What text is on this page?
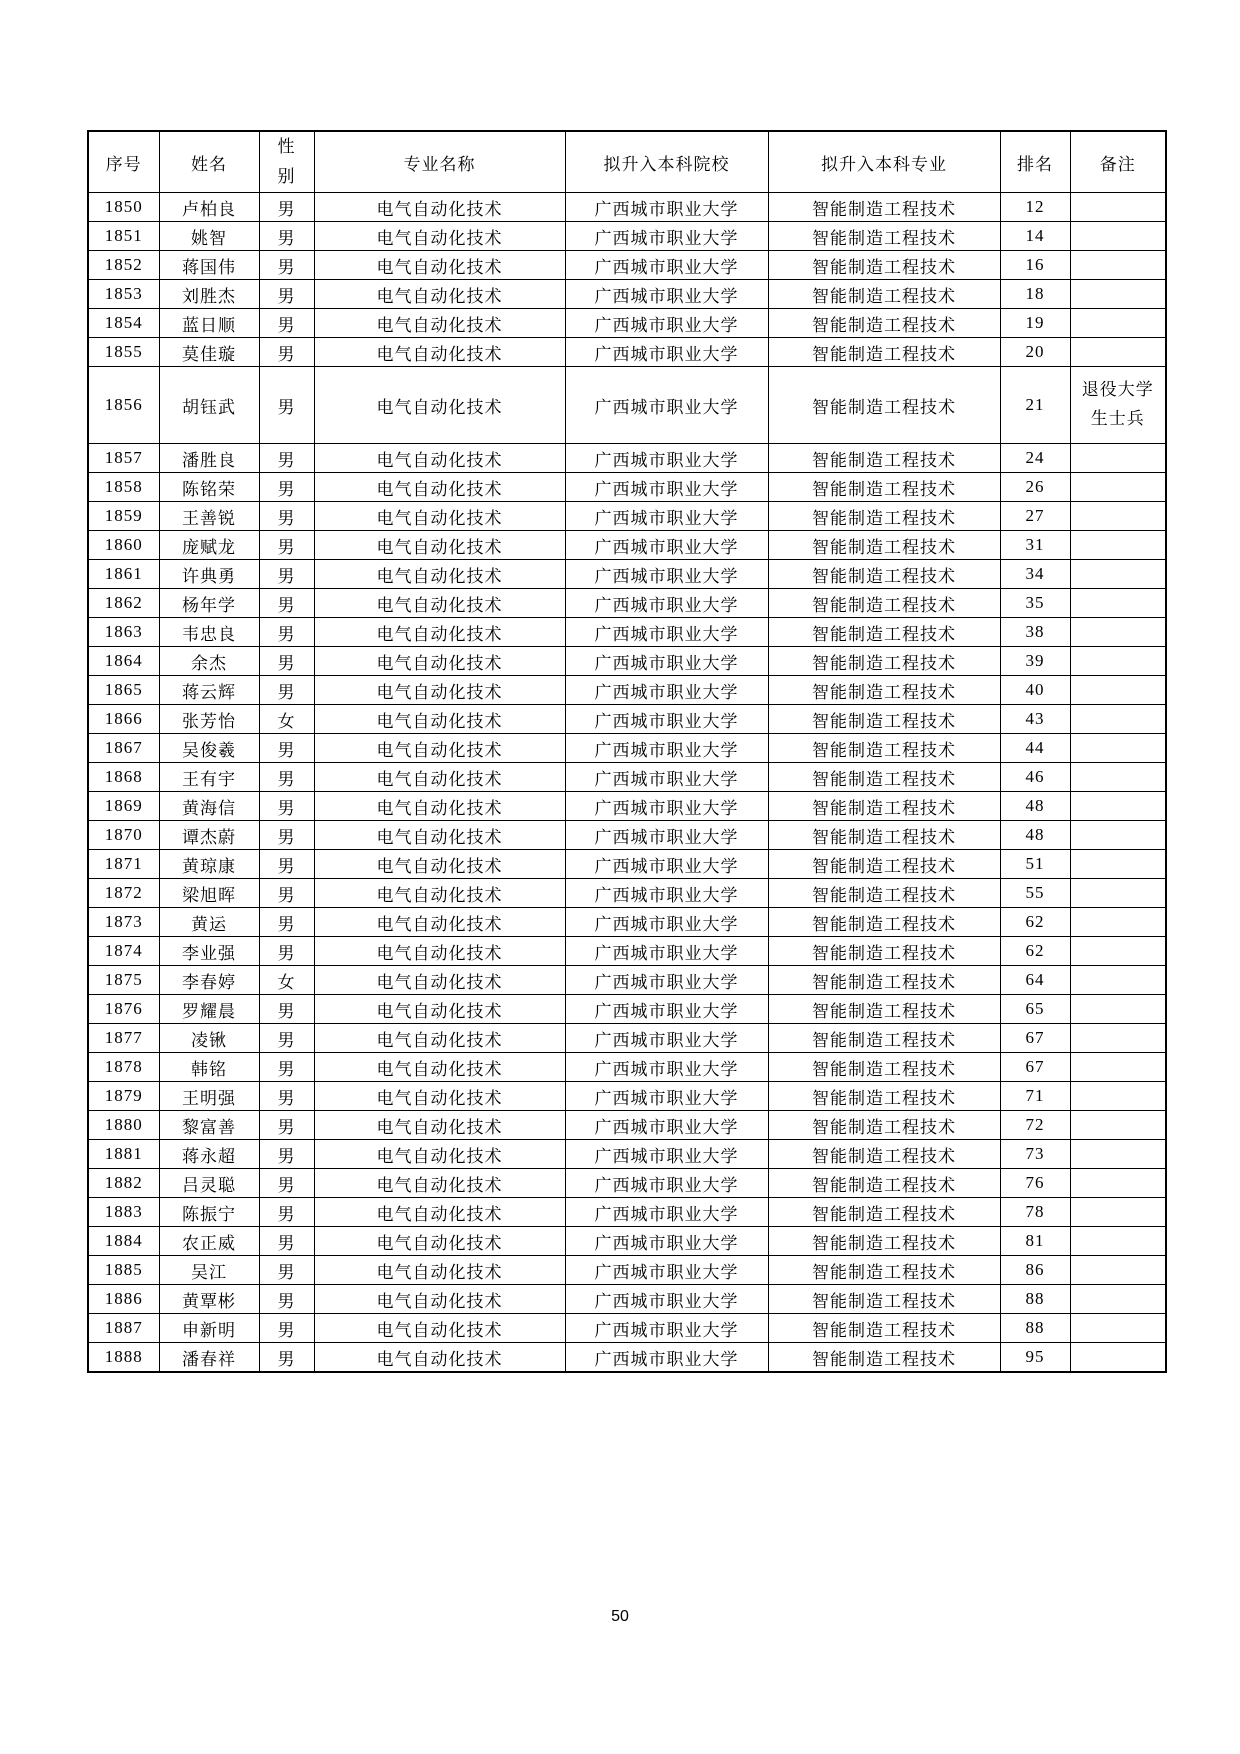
序号	姓名	性别	专业名称	拟升入本科院校	拟升入本科专业	排名	备注
1850	卢柏良	男	电气自动化技术	广西城市职业大学	智能制造工程技术	12	
1851	姚智	男	电气自动化技术	广西城市职业大学	智能制造工程技术	14	
1852	蒋国伟	男	电气自动化技术	广西城市职业大学	智能制造工程技术	16	
1853	刘胜杰	男	电气自动化技术	广西城市职业大学	智能制造工程技术	18	
1854	蓝日顺	男	电气自动化技术	广西城市职业大学	智能制造工程技术	19	
1855	莫佳璇	男	电气自动化技术	广西城市职业大学	智能制造工程技术	20	
1856	胡钰武	男	电气自动化技术	广西城市职业大学	智能制造工程技术	21	退役大学生士兵
1857	潘胜良	男	电气自动化技术	广西城市职业大学	智能制造工程技术	24	
1858	陈铭荣	男	电气自动化技术	广西城市职业大学	智能制造工程技术	26	
1859	王善锐	男	电气自动化技术	广西城市职业大学	智能制造工程技术	27	
1860	庞赋龙	男	电气自动化技术	广西城市职业大学	智能制造工程技术	31	
1861	许典勇	男	电气自动化技术	广西城市职业大学	智能制造工程技术	34	
1862	杨年学	男	电气自动化技术	广西城市职业大学	智能制造工程技术	35	
1863	韦忠良	男	电气自动化技术	广西城市职业大学	智能制造工程技术	38	
1864	余杰	男	电气自动化技术	广西城市职业大学	智能制造工程技术	39	
1865	蒋云辉	男	电气自动化技术	广西城市职业大学	智能制造工程技术	40	
1866	张芳怡	女	电气自动化技术	广西城市职业大学	智能制造工程技术	43	
1867	吴俊羲	男	电气自动化技术	广西城市职业大学	智能制造工程技术	44	
1868	王有宇	男	电气自动化技术	广西城市职业大学	智能制造工程技术	46	
1869	黄海信	男	电气自动化技术	广西城市职业大学	智能制造工程技术	48	
1870	谭杰蔚	男	电气自动化技术	广西城市职业大学	智能制造工程技术	48	
1871	黄琼康	男	电气自动化技术	广西城市职业大学	智能制造工程技术	51	
1872	梁旭晖	男	电气自动化技术	广西城市职业大学	智能制造工程技术	55	
1873	黄运	男	电气自动化技术	广西城市职业大学	智能制造工程技术	62	
1874	李业强	男	电气自动化技术	广西城市职业大学	智能制造工程技术	62	
1875	李春婷	女	电气自动化技术	广西城市职业大学	智能制造工程技术	64	
1876	罗耀晨	男	电气自动化技术	广西城市职业大学	智能制造工程技术	65	
1877	凌锹	男	电气自动化技术	广西城市职业大学	智能制造工程技术	67	
1878	韩铭	男	电气自动化技术	广西城市职业大学	智能制造工程技术	67	
1879	王明强	男	电气自动化技术	广西城市职业大学	智能制造工程技术	71	
1880	黎富善	男	电气自动化技术	广西城市职业大学	智能制造工程技术	72	
1881	蒋永超	男	电气自动化技术	广西城市职业大学	智能制造工程技术	73	
1882	吕灵聪	男	电气自动化技术	广西城市职业大学	智能制造工程技术	76	
1883	陈振宁	男	电气自动化技术	广西城市职业大学	智能制造工程技术	78	
1884	农正威	男	电气自动化技术	广西城市职业大学	智能制造工程技术	81	
1885	吴江	男	电气自动化技术	广西城市职业大学	智能制造工程技术	86	
1886	黄覃彬	男	电气自动化技术	广西城市职业大学	智能制造工程技术	88	
1887	申新明	男	电气自动化技术	广西城市职业大学	智能制造工程技术	88	
1888	潘春祥	男	电气自动化技术	广西城市职业大学	智能制造工程技术	95	
50
